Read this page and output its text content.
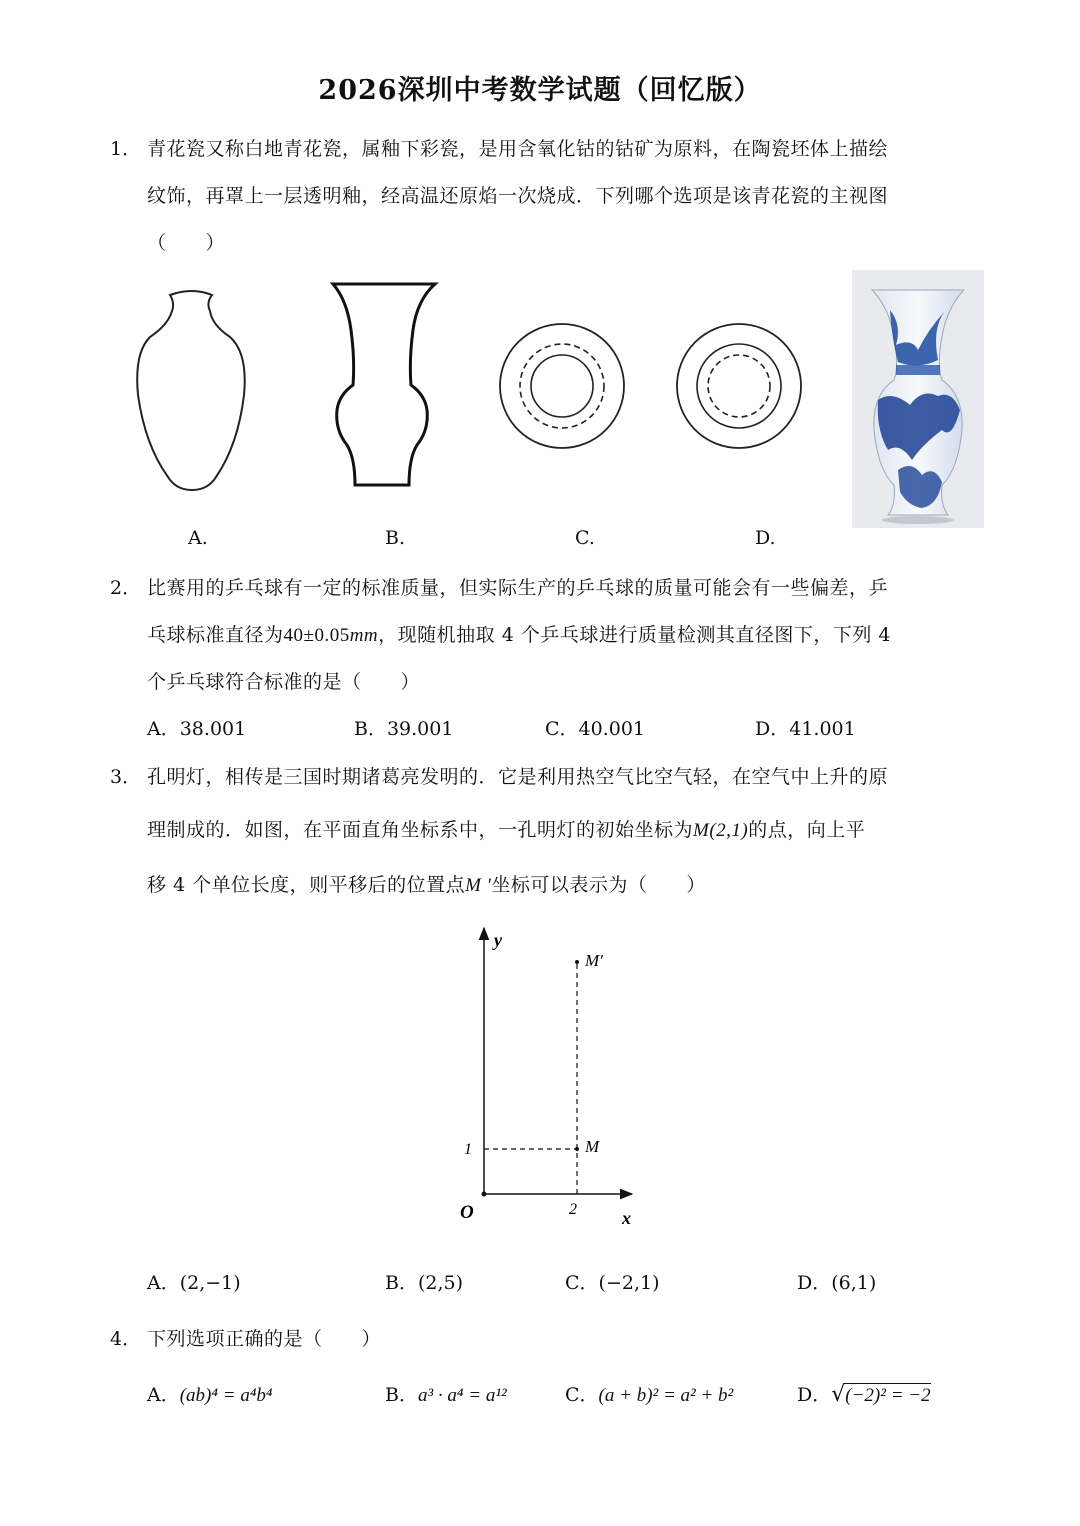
2026深圳中考数学试题（回忆版）
1． 青花瓷又称白地青花瓷，属釉下彩瓷，是用含氧化钴的钴矿为原料，在陶瓷坯体上描绘
纹饰，再罩上一层透明釉，经高温还原焰一次烧成．下列哪个选项是该青花瓷的主视图
（　　）
A.	B.	C.	D.
2． 比赛用的乒乓球有一定的标准质量，但实际生产的乒乓球的质量可能会有一些偏差，乒
乓球标准直径为40±0.05mm，现随机抽取 4 个乒乓球进行质量检测其直径图下，下列 4
个乒乓球符合标准的是（　　）
A．38.001	B．39.001	C．40.001	D．41.001
3． 孔明灯，相传是三国时期诸葛亮发明的．它是利用热空气比空气轻，在空气中上升的原
理制成的．如图，在平面直角坐标系中，一孔明灯的初始坐标为M(2,1)的点，向上平
移 4 个单位长度，则平移后的位置点M '坐标可以表示为（　　）
y
x
O	2
1	M
M'
A．(2,−1)	B．(2,5)	C．(−2,1)	D．(6,1)
4． 下列选项正确的是（　　）
A．(ab)⁴ = a⁴b⁴	B．a³ · a⁴ = a¹²	C．(a + b)² = a² + b²	D．√(−2)² = −2
